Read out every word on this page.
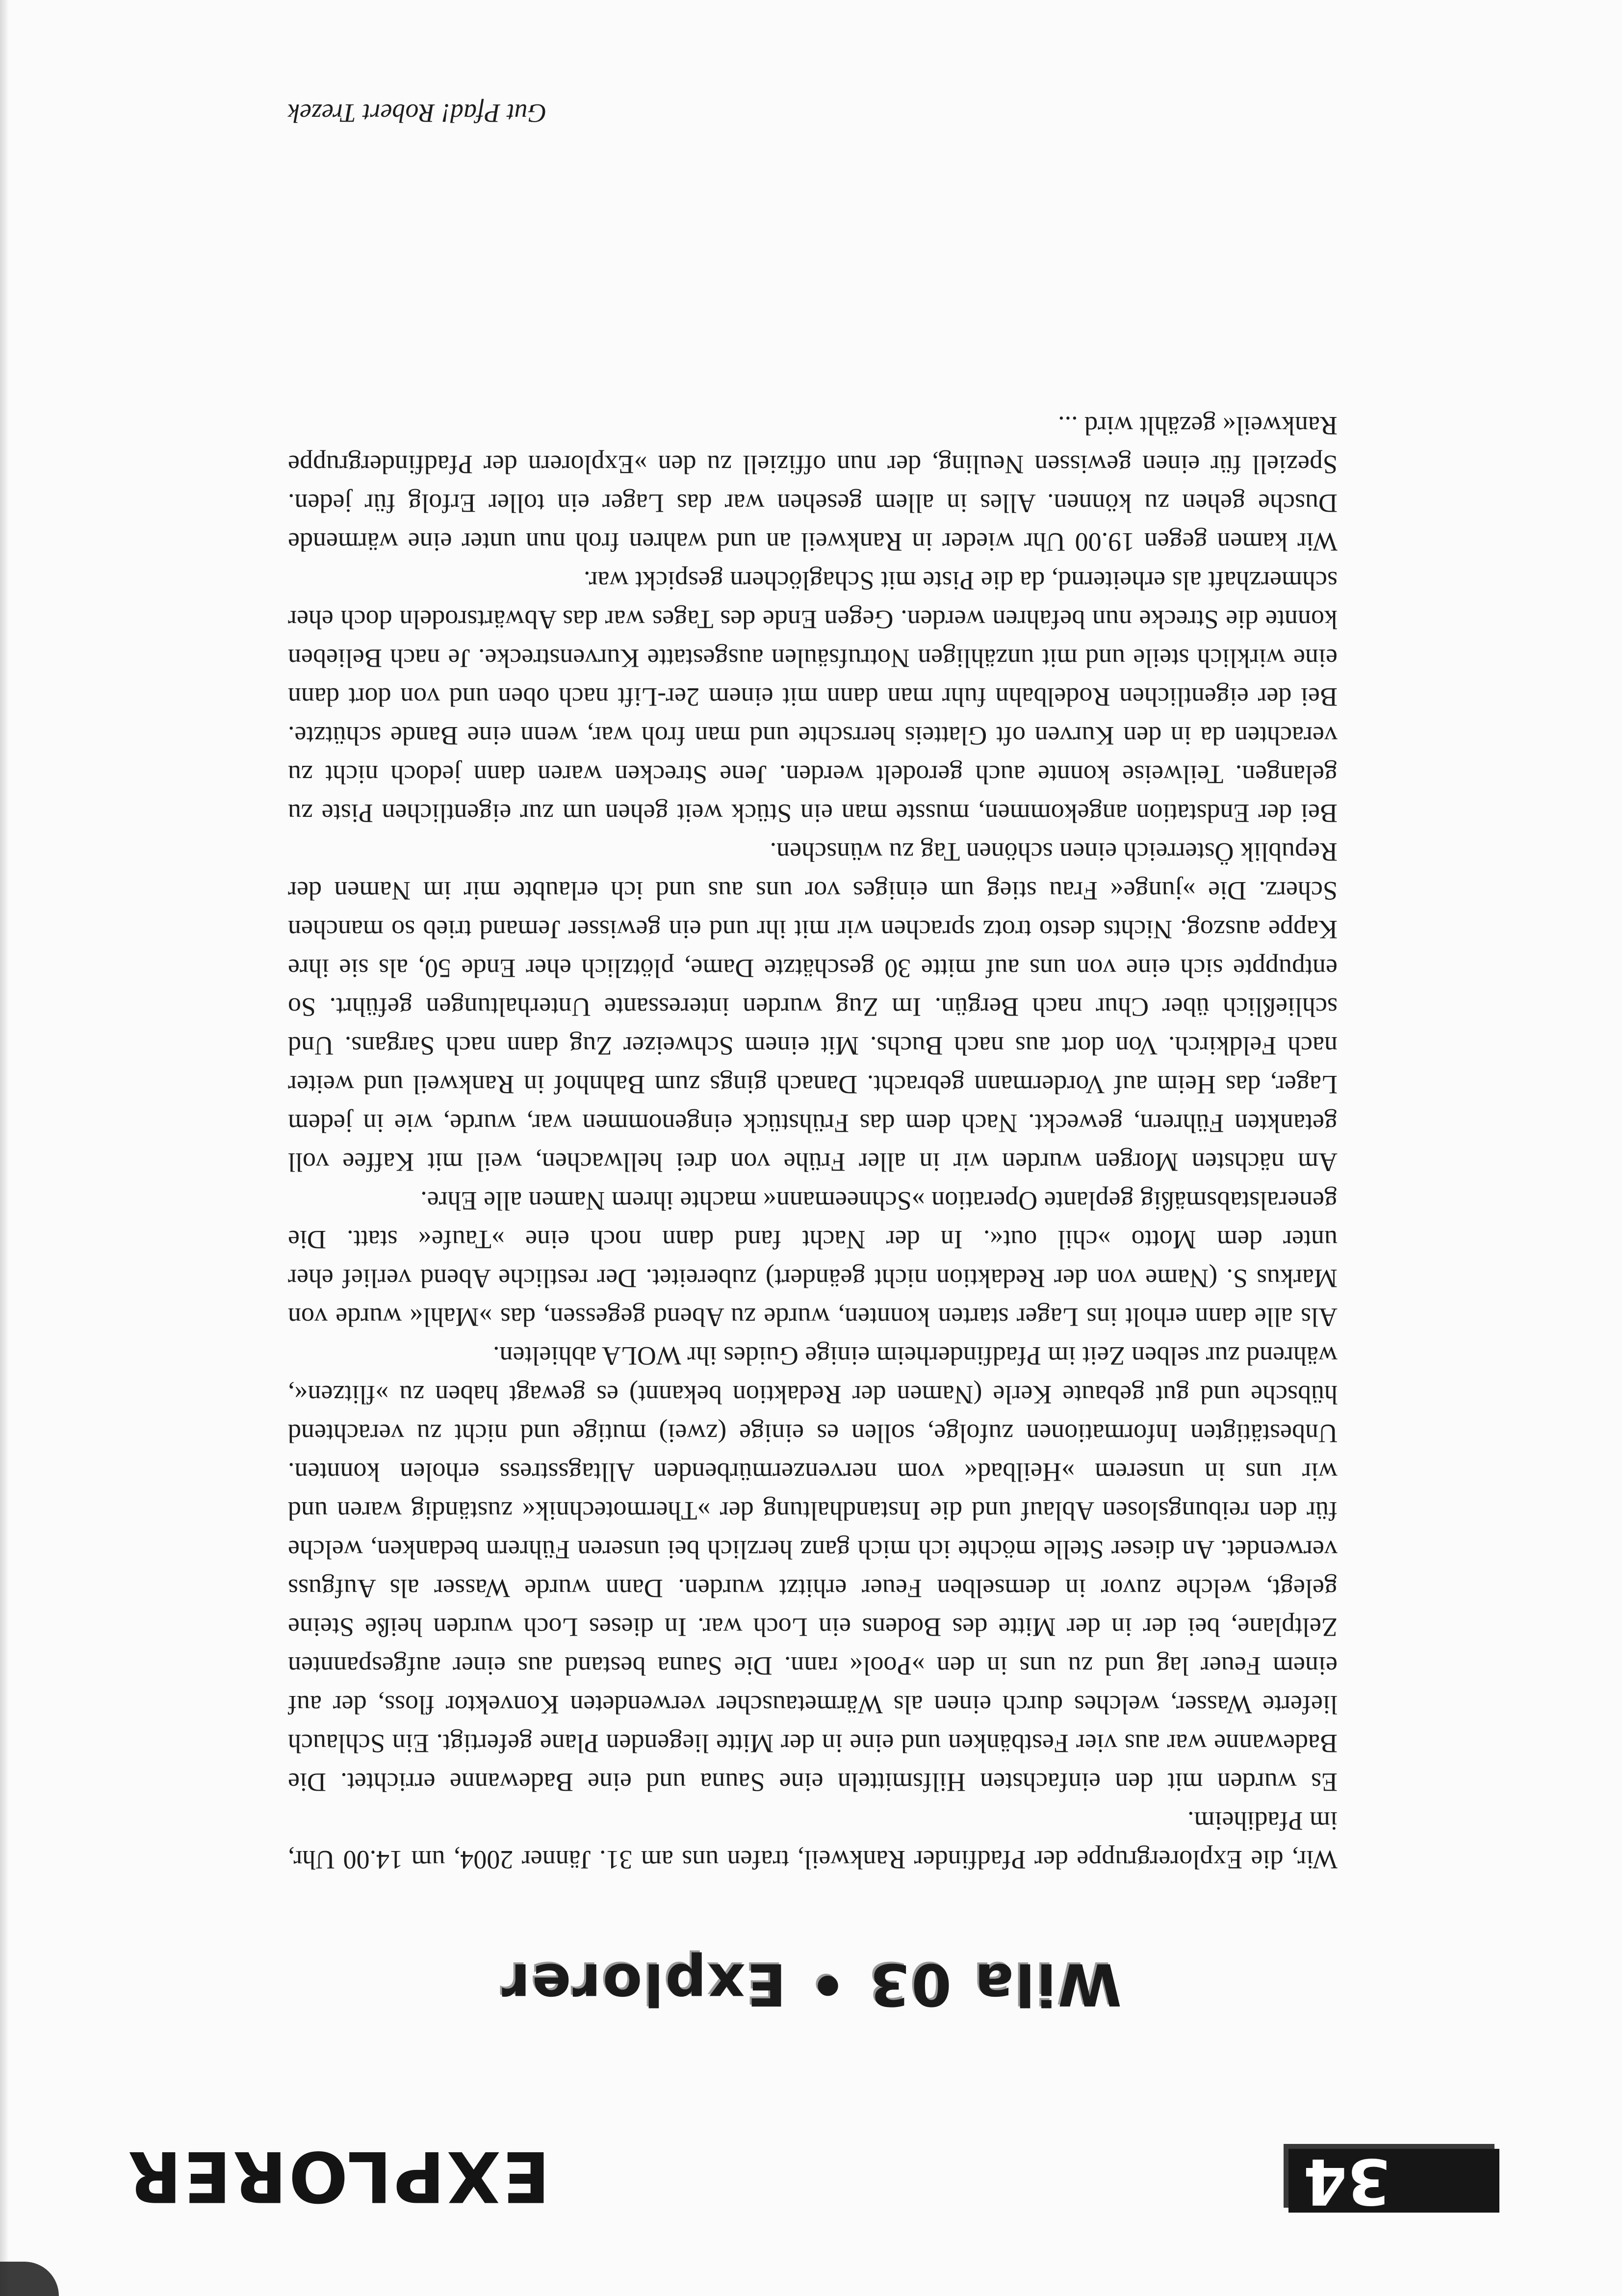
34
EXPLORER
Wila 03 • Explorer

Wir, die Explorergruppe der Pfadfinder Rankweil, trafen uns am 31. Jänner 2004, um 14.00 Uhr, im Pfadiheim.

Es wurden mit den einfachsten Hilfsmitteln eine Sauna und eine Badewanne errichtet. Die Badewanne war aus vier Festbänken und eine in der Mitte liegenden Plane gefertigt. Ein Schlauch lieferte Wasser, welches durch einen als Wärmetauscher verwendeten Konvektor floss, der auf einem Feuer lag und zu uns in den »Pool« rann. Die Sauna bestand aus einer aufgespannten Zeltplane, bei der in der Mitte des Bodens ein Loch war. In dieses Loch wurden heiße Steine gelegt, welche zuvor in demselben Feuer erhitzt wurden. Dann wurde Wasser als Aufguss verwendet. An dieser Stelle möchte ich mich ganz herzlich bei unseren Führern bedanken, welche für den reibungslosen Ablauf und die Instandhaltung der »Thermotechnik« zuständig waren und wir uns in unserem »Heilbad« vom nervenzermürbenden Alltagsstress erholen konnten. Unbestätigten Informationen zufolge, sollen es einige (zwei) mutige und nicht zu verachtend hübsche und gut gebaute Kerle (Namen der Redaktion bekannt) es gewagt haben zu »flitzen«, während zur selben Zeit im Pfadfinderheim einige Guides ihr WOLA abhielten.

Als alle dann erholt ins Lager starten konnten, wurde zu Abend gegessen, das »Mahl« wurde von Markus S. (Name von der Redaktion nicht geändert) zubereitet. Der restliche Abend verlief eher unter dem Motto »chil out«. In der Nacht fand dann noch eine »Taufe« statt. Die generalstabsmäßig geplante Operation »Schneemann« machte ihrem Namen alle Ehre.

Am nächsten Morgen wurden wir in aller Frühe von drei hellwachen, weil mit Kaffee voll getankten Führern, geweckt. Nach dem das Frühstück eingenommen war, wurde, wie in jedem Lager, das Heim auf Vordermann gebracht. Danach gings zum Bahnhof in Rankweil und weiter nach Feldkirch. Von dort aus nach Buchs. Mit einem Schweizer Zug dann nach Sargans. Und schließlich über Chur nach Bergün. Im Zug wurden interessante Unterhaltungen geführt. So entpuppte sich eine von uns auf mitte 30 geschätzte Dame, plötzlich eher Ende 50, als sie ihre Kappe auszog. Nichts desto trotz sprachen wir mit ihr und ein gewisser Jemand trieb so manchen Scherz. Die »junge« Frau stieg um einiges vor uns aus und ich erlaubte mir im Namen der Republik Österreich einen schönen Tag zu wünschen.

Bei der Endstation angekommen, musste man ein Stück weit gehen um zur eigentlichen Piste zu gelangen. Teilweise konnte auch gerodelt werden. Jene Strecken waren dann jedoch nicht zu verachten da in den Kurven oft Glatteis herrschte und man froh war, wenn eine Bande schützte. Bei der eigentlichen Rodelbahn fuhr man dann mit einem 2er-Lift nach oben und von dort dann eine wirklich steile und mit unzähligen Notrufsäulen ausgestatte Kurvenstrecke. Je nach Belieben konnte die Strecke nun befahren werden. Gegen Ende des Tages war das Abwärtsrodeln doch eher schmerzhaft als erheiternd, da die Piste mit Schaglöchern gespickt war.

Wir kamen gegen 19.00 Uhr wieder in Rankweil an und wahren froh nun unter eine wärmende Dusche gehen zu können. Alles in allem gesehen war das Lager ein toller Erfolg für jeden. Speziell für einen gewissen Neuling, der nun offiziell zu den »Explorern der Pfadfindergruppe Rankweil« gezählt wird ...

Gut Pfad! Robert Trezek
